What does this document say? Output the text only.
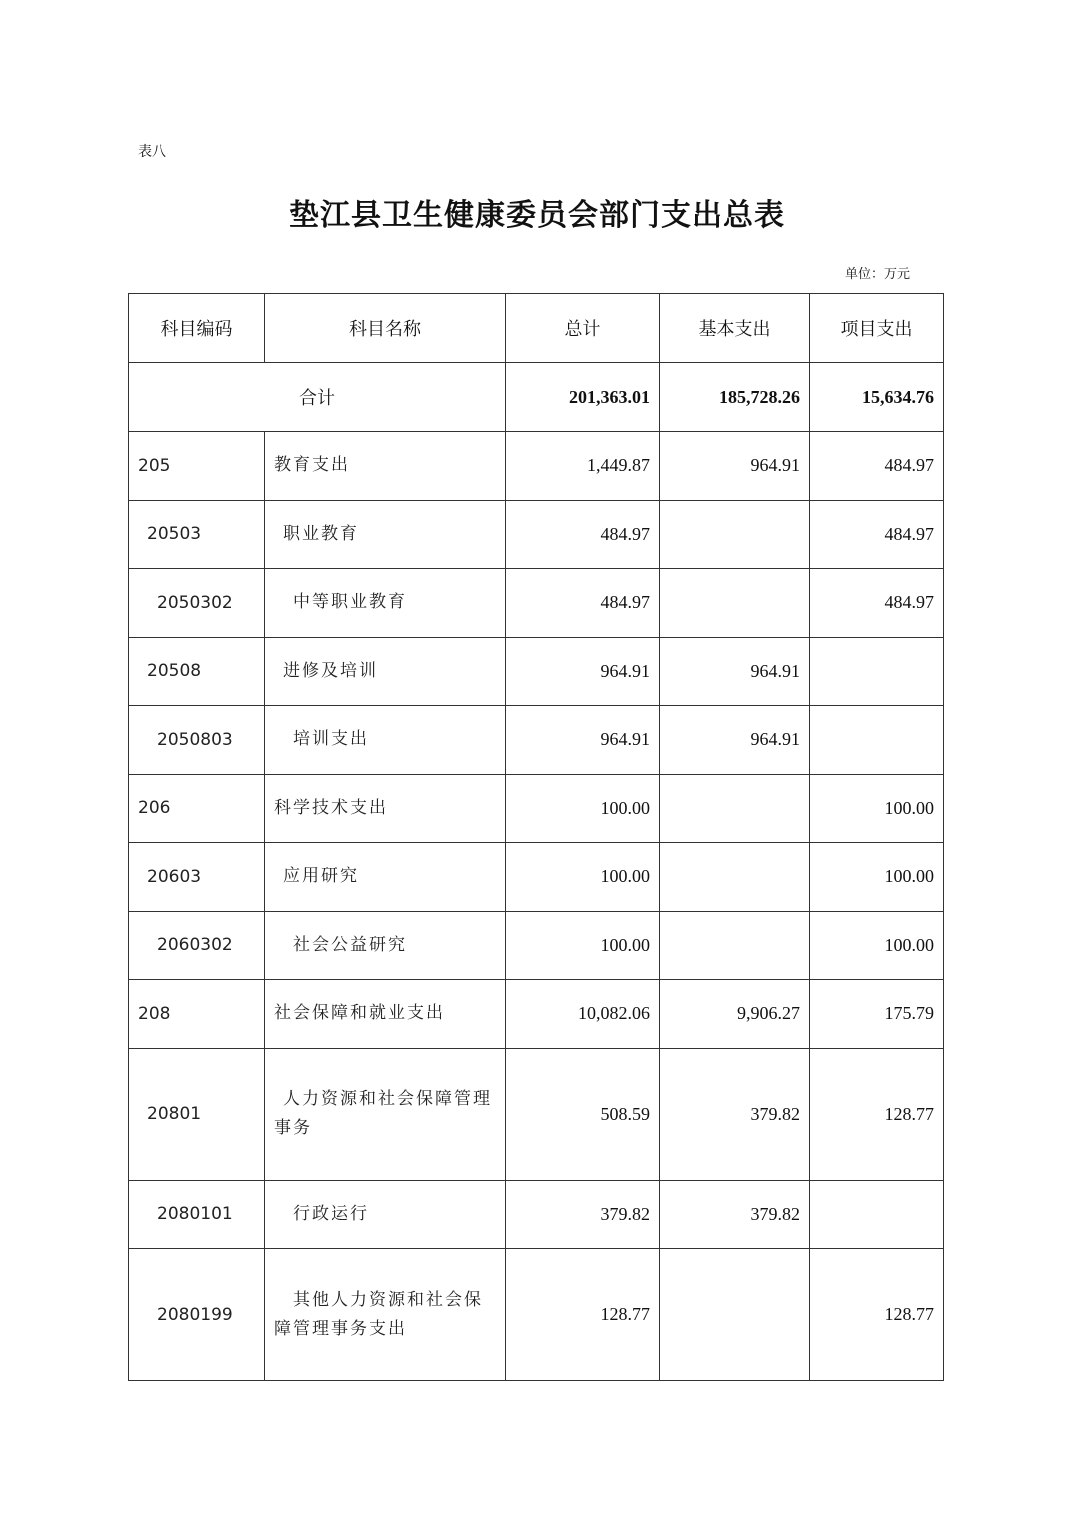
表八
垫江县卫生健康委员会部门支出总表
单位：万元
科目编码	科目名称	总计	基本支出	项目支出
合计		201,363.01	185,728.26	15,634.76
205	教育支出	1,449.87	964.91	484.97
20503	职业教育	484.97		484.97
2050302	中等职业教育	484.97		484.97
20508	进修及培训	964.91	964.91	
2050803	培训支出	964.91	964.91	
206	科学技术支出	100.00		100.00
20603	应用研究	100.00		100.00
2060302	社会公益研究	100.00		100.00
208	社会保障和就业支出	10,082.06	9,906.27	175.79
20801	人力资源和社会保障管理事务	508.59	379.82	128.77
2080101	行政运行	379.82	379.82	
2080199	其他人力资源和社会保障管理事务支出	128.77		128.77
